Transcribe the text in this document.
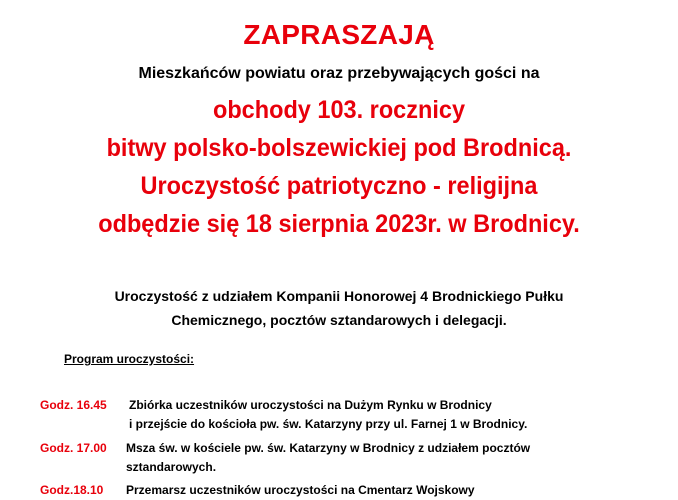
ZAPRASZAJĄ
Mieszkańców powiatu oraz przebywających gości na
obchody 103. rocznicy
bitwy polsko-bolszewickiej pod Brodnicą.
Uroczystość patriotyczno - religijna
odbędzie się 18 sierpnia 2023r. w Brodnicy.
Uroczystość z udziałem Kompanii Honorowej 4 Brodnickiego Pułku
Chemicznego, pocztów sztandarowych i delegacji.
Program uroczystości:
Godz. 16.45 Zbiórka uczestników uroczystości na Dużym Rynku w Brodnicy
i przejście do kościoła pw. św. Katarzyny przy ul. Farnej 1 w Brodnicy.
Godz. 17.00 Msza św. w kościele pw. św. Katarzyny w Brodnicy z udziałem pocztów
sztandarowych.
Godz.18.10 Przemarsz uczestników uroczystości na Cmentarz Wojskowy
